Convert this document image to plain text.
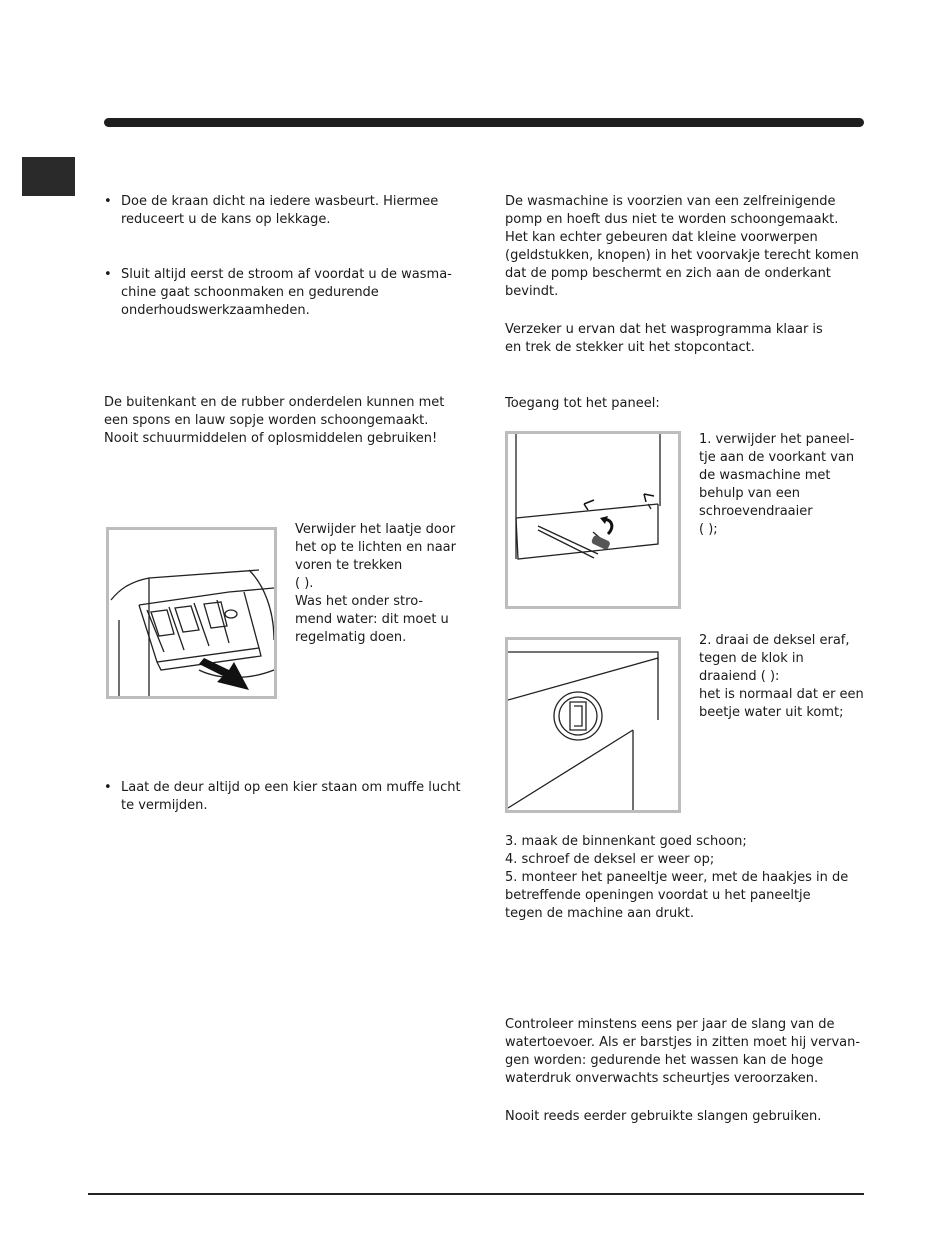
• Doe de kraan dicht na iedere wasbeurt. Hiermee
reduceert u de kans op lekkage.
• Sluit altijd eerst de stroom af voordat u de wasma-
chine gaat schoonmaken en gedurende
onderhoudswerkzaamheden.

De buitenkant en de rubber onderdelen kunnen met
een spons en lauw sopje worden schoongemaakt.
Nooit schuurmiddelen of oplosmiddelen gebruiken!

Verwijder het laatje door
het op te lichten en naar
voren te trekken
( ).
Was het onder stro-
mend water: dit moet u
regelmatig doen.

• Laat de deur altijd op een kier staan om muffe lucht
te vermijden.

De wasmachine is voorzien van een zelfreinigende
pomp en hoeft dus niet te worden schoongemaakt.
Het kan echter gebeuren dat kleine voorwerpen
(geldstukken, knopen) in het voorvakje terecht komen
dat de pomp beschermt en zich aan de onderkant
bevindt.

Verzeker u ervan dat het wasprogramma klaar is
en trek de stekker uit het stopcontact.

Toegang tot het paneel:

1. verwijder het paneel-
tje aan de voorkant van
de wasmachine met
behulp van een
schroevendraaier
( );

2. draai de deksel eraf,
tegen de klok in
draaiend ( ):
het is normaal dat er een
beetje water uit komt;

3. maak de binnenkant goed schoon;
4. schroef de deksel er weer op;
5. monteer het paneeltje weer, met de haakjes in de
betreffende openingen voordat u het paneeltje
tegen de machine aan drukt.

Controleer minstens eens per jaar de slang van de
watertoevoer. Als er barstjes in zitten moet hij vervan-
gen worden: gedurende het wassen kan de hoge
waterdruk onverwachts scheurtjes veroorzaken.

Nooit reeds eerder gebruikte slangen gebruiken.
